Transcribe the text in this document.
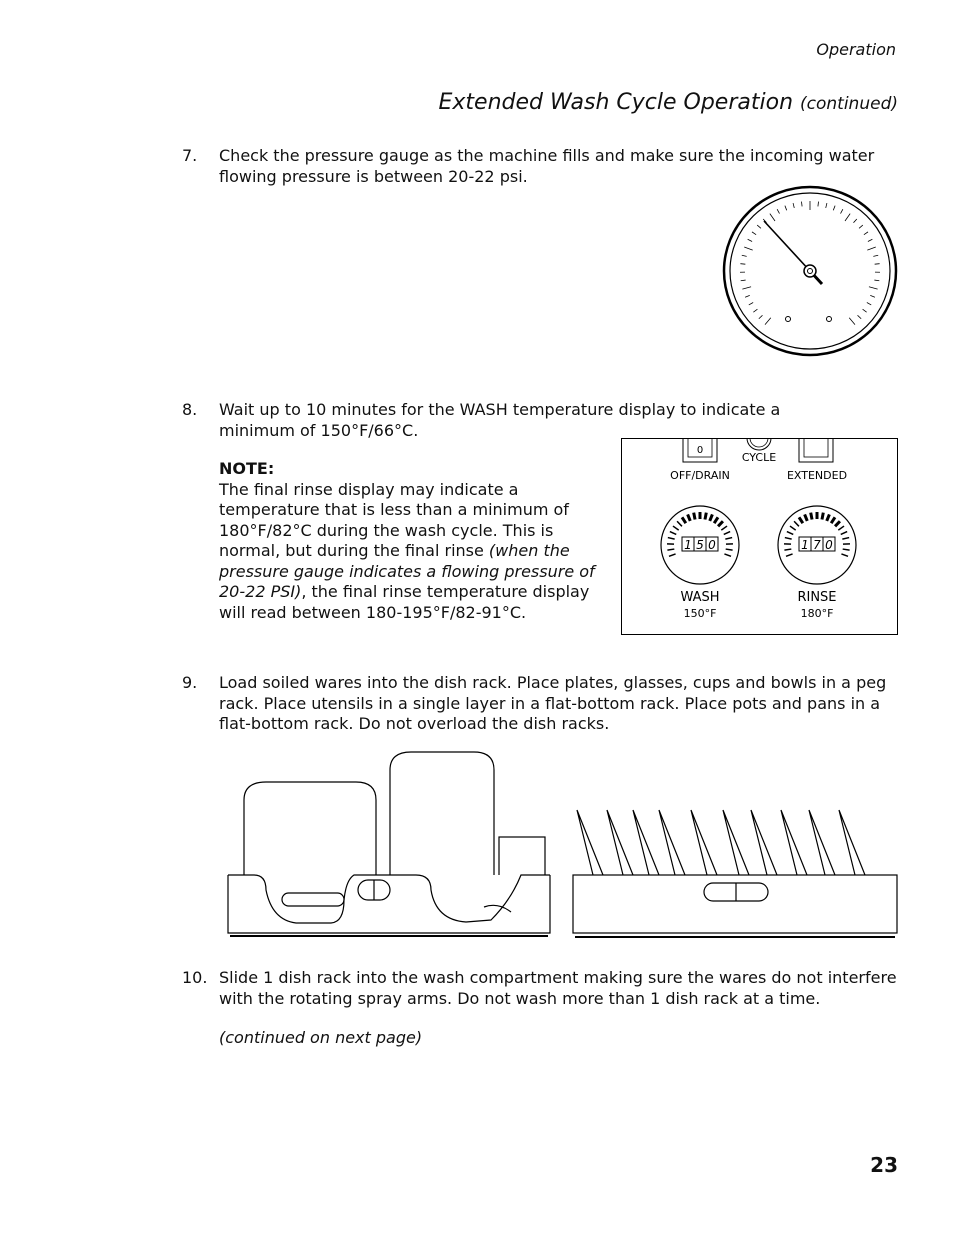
Operation
Extended Wash Cycle Operation (continued)
7. Check the pressure gauge as the machine fills and make sure the incoming water flowing pressure is between 20-22 psi.
8. Wait up to 10 minutes for the WASH temperature display to indicate a minimum of 150°F/66°C.
NOTE:
The final rinse display may indicate a temperature that is less than a minimum of 180°F/82°C during the wash cycle. This is normal, but during the final rinse (when the pressure gauge indicates a flowing pressure of 20-22 PSI), the final rinse temperature display will read between 180-195°F/82-91°C.
0
CYCLE
OFF/DRAIN	EXTENDED
1 5 0
WASH
150°F
1 7 0
RINSE
180°F
9. Load soiled wares into the dish rack. Place plates, glasses, cups and bowls in a peg rack. Place utensils in a single layer in a flat-bottom rack. Place pots and pans in a flat-bottom rack. Do not overload the dish racks.
10. Slide 1 dish rack into the wash compartment making sure the wares do not interfere with the rotating spray arms. Do not wash more than 1 dish rack at a time.
(continued on next page)
23
